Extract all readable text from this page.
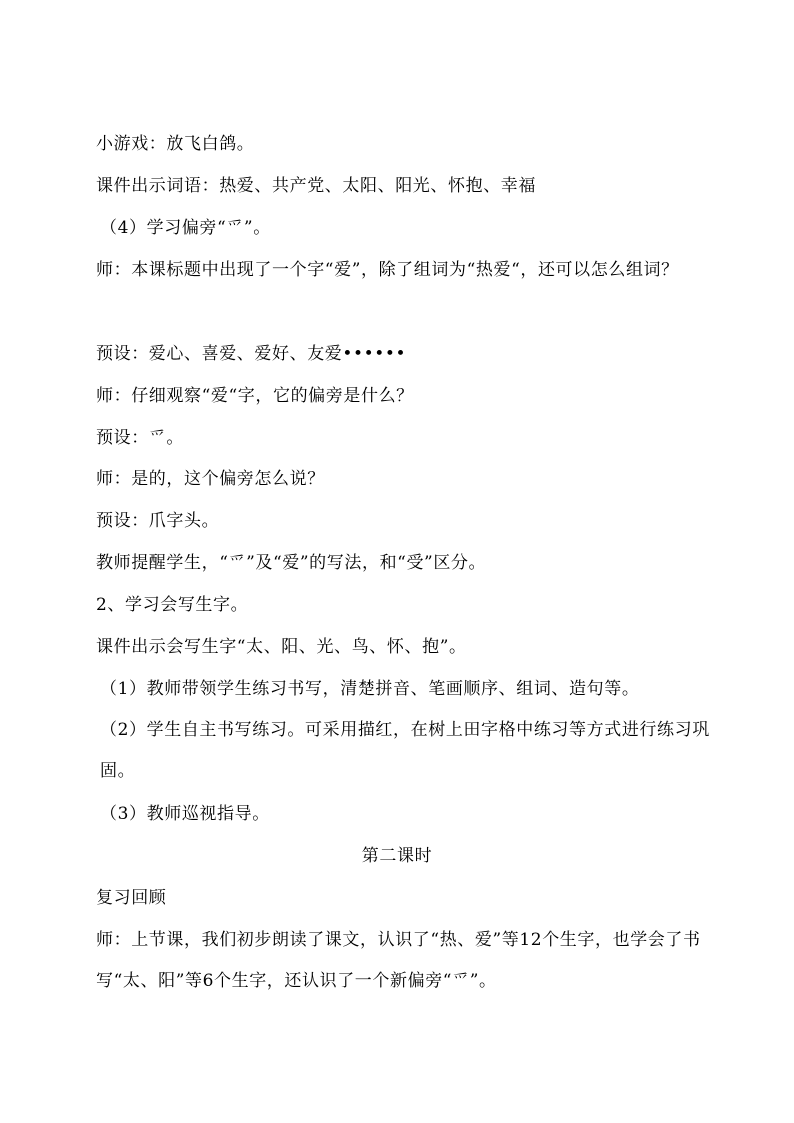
小游戏：放飞白鸽。
课件出示词语：热爱、共产党、太阳、阳光、怀抱、幸福
（4）学习偏旁“爫”。
师：本课标题中出现了一个字“爱”，除了组词为“热爱“，还可以怎么组词？
预设：爱心、喜爱、爱好、友爱••••••
师：仔细观察“爱“字，它的偏旁是什么？
预设：爫。
师：是的，这个偏旁怎么说？
预设：爪字头。
教师提醒学生，“爫”及“爱”的写法，和“受”区分。
2、学习会写生字。
课件出示会写生字“太、阳、光、鸟、怀、抱”。
（1）教师带领学生练习书写，清楚拼音、笔画顺序、组词、造句等。
（2）学生自主书写练习。可采用描红，在树上田字格中练习等方式进行练习巩固。
（3）教师巡视指导。
第二课时
复习回顾
师：上节课，我们初步朗读了课文，认识了“热、爱”等12个生字，也学会了书写“太、阳”等6个生字，还认识了一个新偏旁“爫”。
